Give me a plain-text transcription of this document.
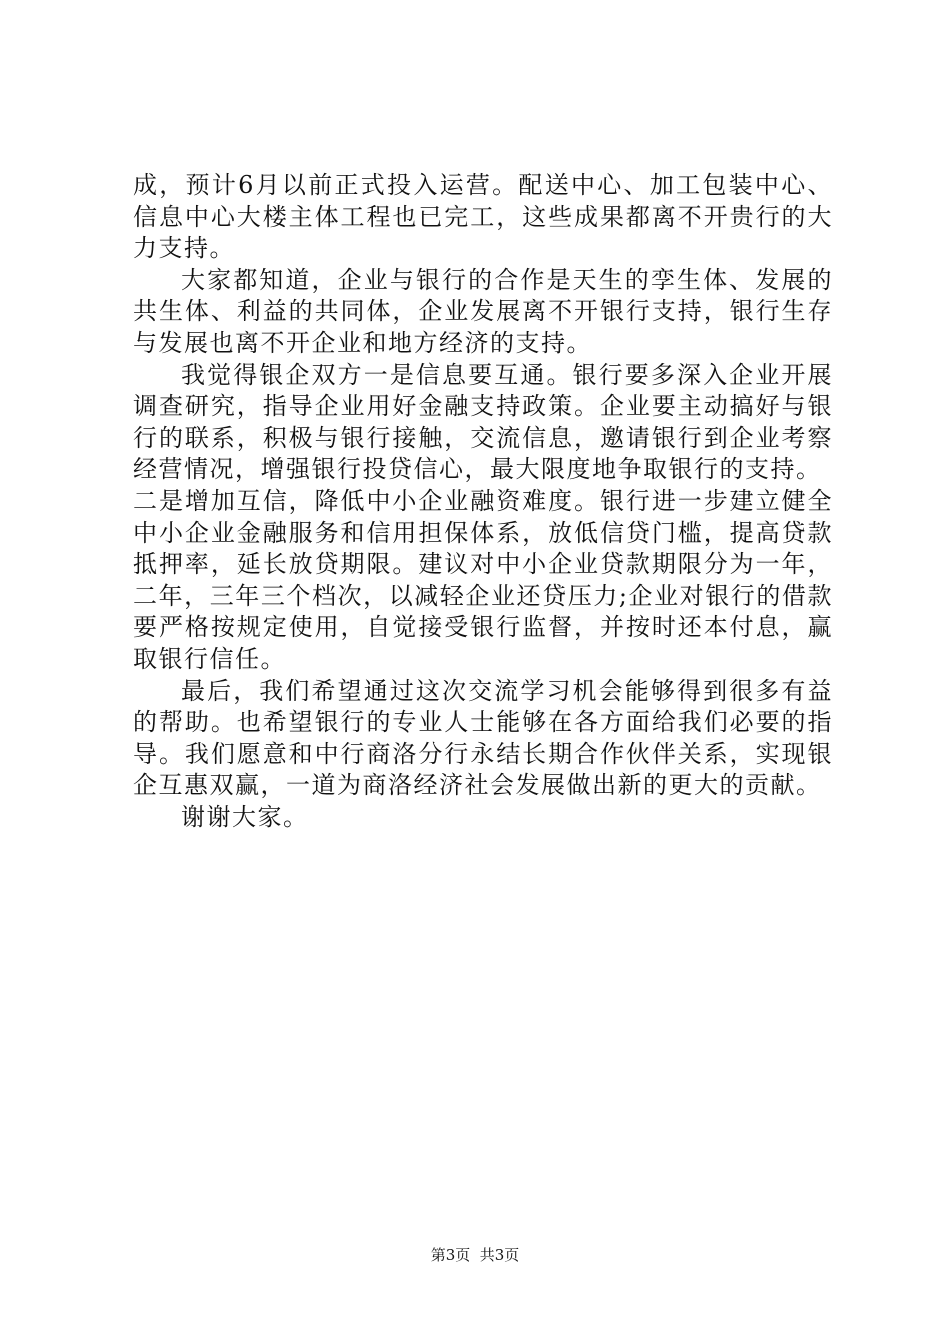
成，预计6月以前正式投入运营。配送中心、加工包装中心、信息中心大楼主体工程也已完工，这些成果都离不开贵行的大力支持。

大家都知道，企业与银行的合作是天生的孪生体、发展的共生体、利益的共同体，企业发展离不开银行支持，银行生存与发展也离不开企业和地方经济的支持。

我觉得银企双方一是信息要互通。银行要多深入企业开展调查研究，指导企业用好金融支持政策。企业要主动搞好与银行的联系，积极与银行接触，交流信息，邀请银行到企业考察经营情况，增强银行投贷信心，最大限度地争取银行的支持。

二是增加互信，降低中小企业融资难度。银行进一步建立健全中小企业金融服务和信用担保体系，放低信贷门槛，提高贷款抵押率，延长放贷期限。建议对中小企业贷款期限分为一年，二年，三年三个档次，以减轻企业还贷压力;企业对银行的借款要严格按规定使用，自觉接受银行监督，并按时还本付息，赢取银行信任。

最后，我们希望通过这次交流学习机会能够得到很多有益的帮助。也希望银行的专业人士能够在各方面给我们必要的指导。我们愿意和中行商洛分行永结长期合作伙伴关系，实现银企互惠双赢，一道为商洛经济社会发展做出新的更大的贡献。

谢谢大家。

第3页  共3页
